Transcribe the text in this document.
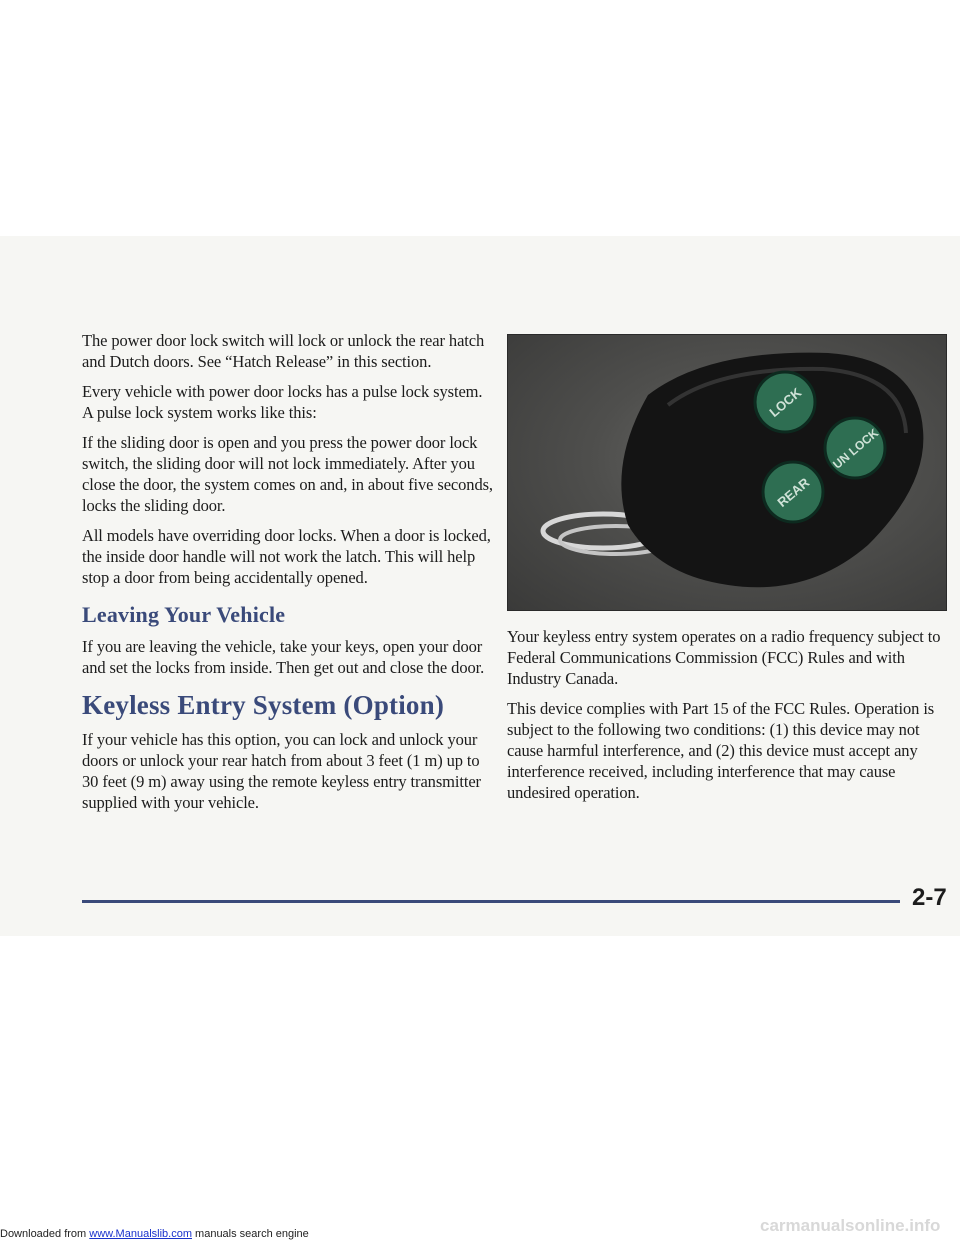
The power door lock switch will lock or unlock the rear hatch and Dutch doors. See “Hatch Release” in this section.

Every vehicle with power door locks has a pulse lock system. A pulse lock system works like this:

If the sliding door is open and you press the power door lock switch, the sliding door will not lock immediately. After you close the door, the system comes on and, in about five seconds, locks the sliding door.

All models have overriding door locks. When a door is locked, the inside door handle will not work the latch. This will help stop a door from being accidentally opened.

Leaving Your Vehicle

If you are leaving the vehicle, take your keys, open your door and set the locks from inside. Then get out and close the door.

Keyless Entry System (Option)

If your vehicle has this option, you can lock and unlock your doors or unlock your rear hatch from about 3 feet (1 m) up to 30 feet (9 m) away using the remote keyless entry transmitter supplied with your vehicle.

LOCK
UN LOCK
REAR

Your keyless entry system operates on a radio frequency subject to Federal Communications Commission (FCC) Rules and with Industry Canada.

This device complies with Part 15 of the FCC Rules. Operation is subject to the following two conditions: (1) this device may not cause harmful interference, and (2) this device must accept any interference received, including interference that may cause undesired operation.

2-7
Downloaded from www.Manualslib.com manuals search engine	carmanualsonline.info
